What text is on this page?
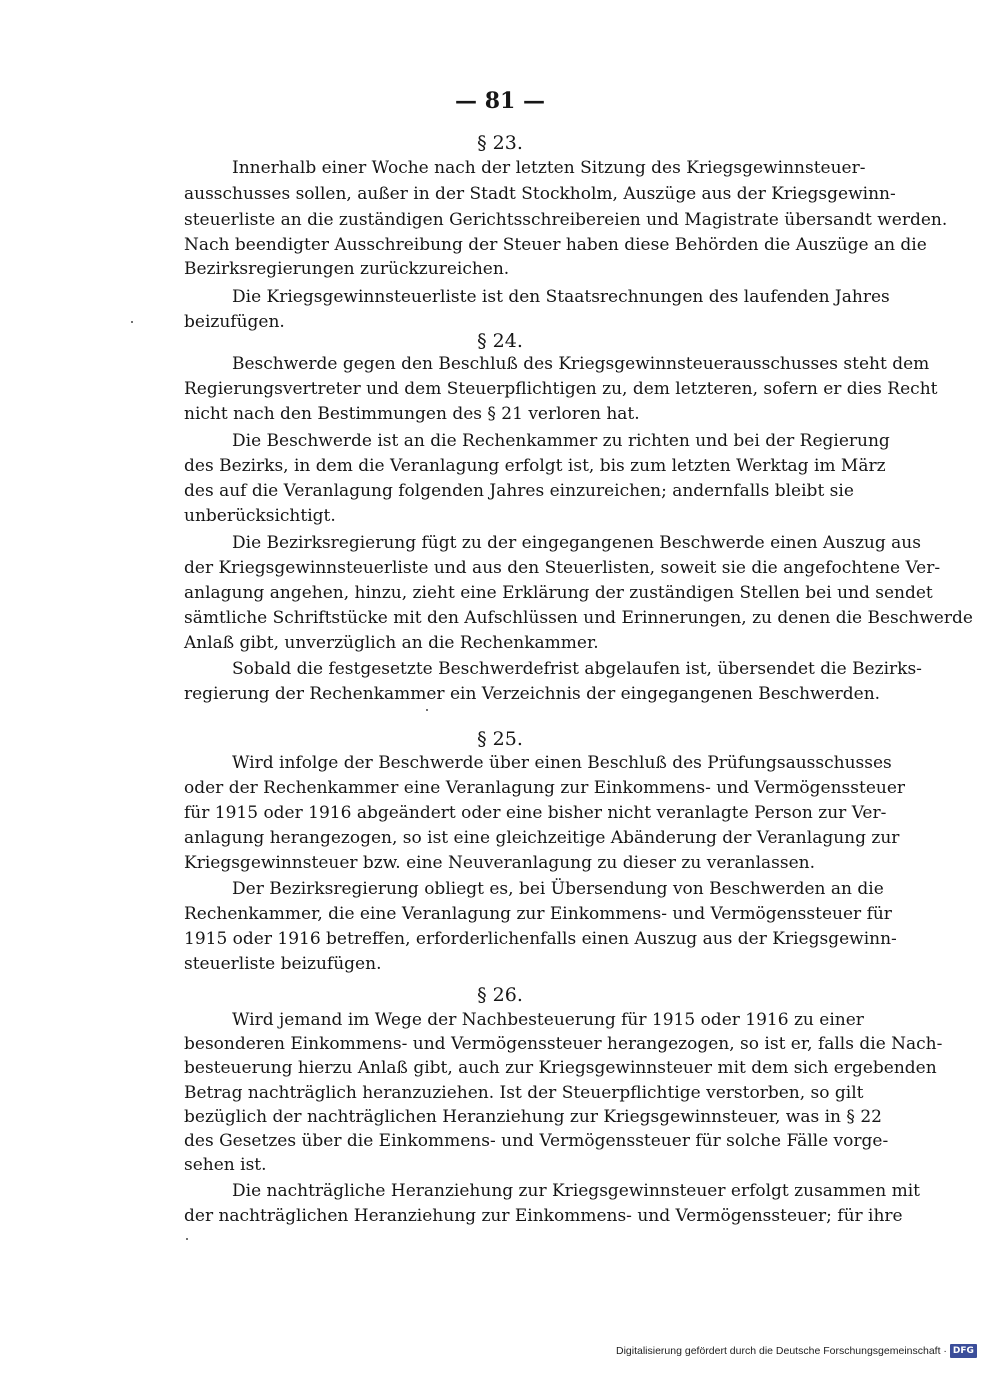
— 81 —
§ 23.
Innerhalb einer Woche nach der letzten Sitzung des Kriegsgewinnsteuer-
ausschusses sollen, außer in der Stadt Stockholm, Auszüge aus der Kriegsgewinn-
steuerliste an die zuständigen Gerichtsschreibereien und Magistrate übersandt werden.
Nach beendigter Ausschreibung der Steuer haben diese Behörden die Auszüge an die
Bezirksregierungen zurückzureichen.
Die Kriegsgewinnsteuerliste ist den Staatsrechnungen des laufenden Jahres
beizufügen.
§ 24.
Beschwerde gegen den Beschluß des Kriegsgewinnsteuerausschusses steht dem
Regierungsvertreter und dem Steuerpflichtigen zu, dem letzteren, sofern er dies Recht
nicht nach den Bestimmungen des § 21 verloren hat.
Die Beschwerde ist an die Rechenkammer zu richten und bei der Regierung
des Bezirks, in dem die Veranlagung erfolgt ist, bis zum letzten Werktag im März
des auf die Veranlagung folgenden Jahres einzureichen; andernfalls bleibt sie
unberücksichtigt.
Die Bezirksregierung fügt zu der eingegangenen Beschwerde einen Auszug aus
der Kriegsgewinnsteuerliste und aus den Steuerlisten, soweit sie die angefochtene Ver-
anlagung angehen, hinzu, zieht eine Erklärung der zuständigen Stellen bei und sendet
sämtliche Schriftstücke mit den Aufschlüssen und Erinnerungen, zu denen die Beschwerde
Anlaß gibt, unverzüglich an die Rechenkammer.
Sobald die festgesetzte Beschwerdefrist abgelaufen ist, übersendet die Bezirks-
regierung der Rechenkammer ein Verzeichnis der eingegangenen Beschwerden.
§ 25.
Wird infolge der Beschwerde über einen Beschluß des Prüfungsausschusses
oder der Rechenkammer eine Veranlagung zur Einkommens- und Vermögenssteuer
für 1915 oder 1916 abgeändert oder eine bisher nicht veranlagte Person zur Ver-
anlagung herangezogen, so ist eine gleichzeitige Abänderung der Veranlagung zur
Kriegsgewinnsteuer bzw. eine Neuveranlagung zu dieser zu veranlassen.
Der Bezirksregierung obliegt es, bei Übersendung von Beschwerden an die
Rechenkammer, die eine Veranlagung zur Einkommens- und Vermögenssteuer für
1915 oder 1916 betreffen, erforderlichenfalls einen Auszug aus der Kriegsgewinn-
steuerliste beizufügen.
§ 26.
Wird jemand im Wege der Nachbesteuerung für 1915 oder 1916 zu einer
besonderen Einkommens- und Vermögenssteuer herangezogen, so ist er, falls die Nach-
besteuerung hierzu Anlaß gibt, auch zur Kriegsgewinnsteuer mit dem sich ergebenden
Betrag nachträglich heranzuziehen. Ist der Steuerpflichtige verstorben, so gilt
bezüglich der nachträglichen Heranziehung zur Kriegsgewinnsteuer, was in § 22
des Gesetzes über die Einkommens- und Vermögenssteuer für solche Fälle vorge-
sehen ist.
Die nachträgliche Heranziehung zur Kriegsgewinnsteuer erfolgt zusammen mit
der nachträglichen Heranziehung zur Einkommens- und Vermögenssteuer; für ihre
Digitalisierung gefördert durch die Deutsche Forschungsgemeinschaft · DFG
